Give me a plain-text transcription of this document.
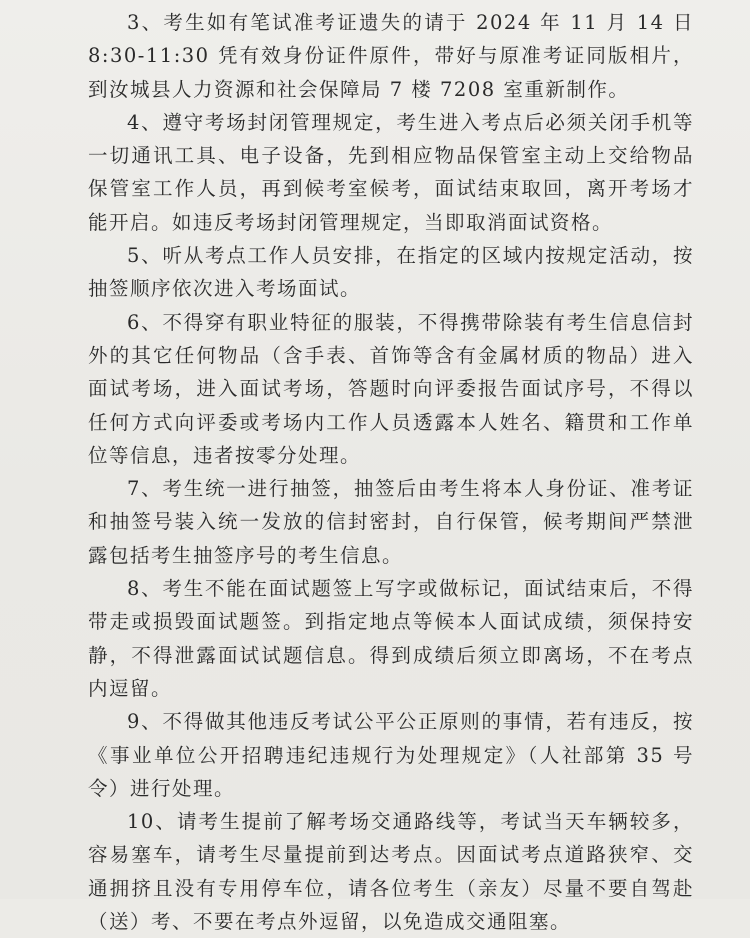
3、考生如有笔试准考证遗失的请于 2024 年 11 月 14 日 8:30-11:30 凭有效身份证件原件，带好与原准考证同版相片，到汝城县人力资源和社会保障局 7 楼 7208 室重新制作。

4、遵守考场封闭管理规定，考生进入考点后必须关闭手机等一切通讯工具、电子设备，先到相应物品保管室主动上交给物品保管室工作人员，再到候考室候考，面试结束取回，离开考场才能开启。如违反考场封闭管理规定，当即取消面试资格。

5、听从考点工作人员安排，在指定的区域内按规定活动，按抽签顺序依次进入考场面试。

6、不得穿有职业特征的服装，不得携带除装有考生信息信封外的其它任何物品（含手表、首饰等含有金属材质的物品）进入面试考场，进入面试考场，答题时向评委报告面试序号，不得以任何方式向评委或考场内工作人员透露本人姓名、籍贯和工作单位等信息，违者按零分处理。

7、考生统一进行抽签，抽签后由考生将本人身份证、准考证和抽签号装入统一发放的信封密封，自行保管，候考期间严禁泄露包括考生抽签序号的考生信息。

8、考生不能在面试题签上写字或做标记，面试结束后，不得带走或损毁面试题签。到指定地点等候本人面试成绩，须保持安静，不得泄露面试试题信息。得到成绩后须立即离场，不在考点内逗留。

9、不得做其他违反考试公平公正原则的事情，若有违反，按《事业单位公开招聘违纪违规行为处理规定》（人社部第 35 号令）进行处理。

10、请考生提前了解考场交通路线等，考试当天车辆较多，容易塞车，请考生尽量提前到达考点。因面试考点道路狭窄、交通拥挤且没有专用停车位，请各位考生（亲友）尽量不要自驾赴（送）考、不要在考点外逗留，以免造成交通阻塞。
